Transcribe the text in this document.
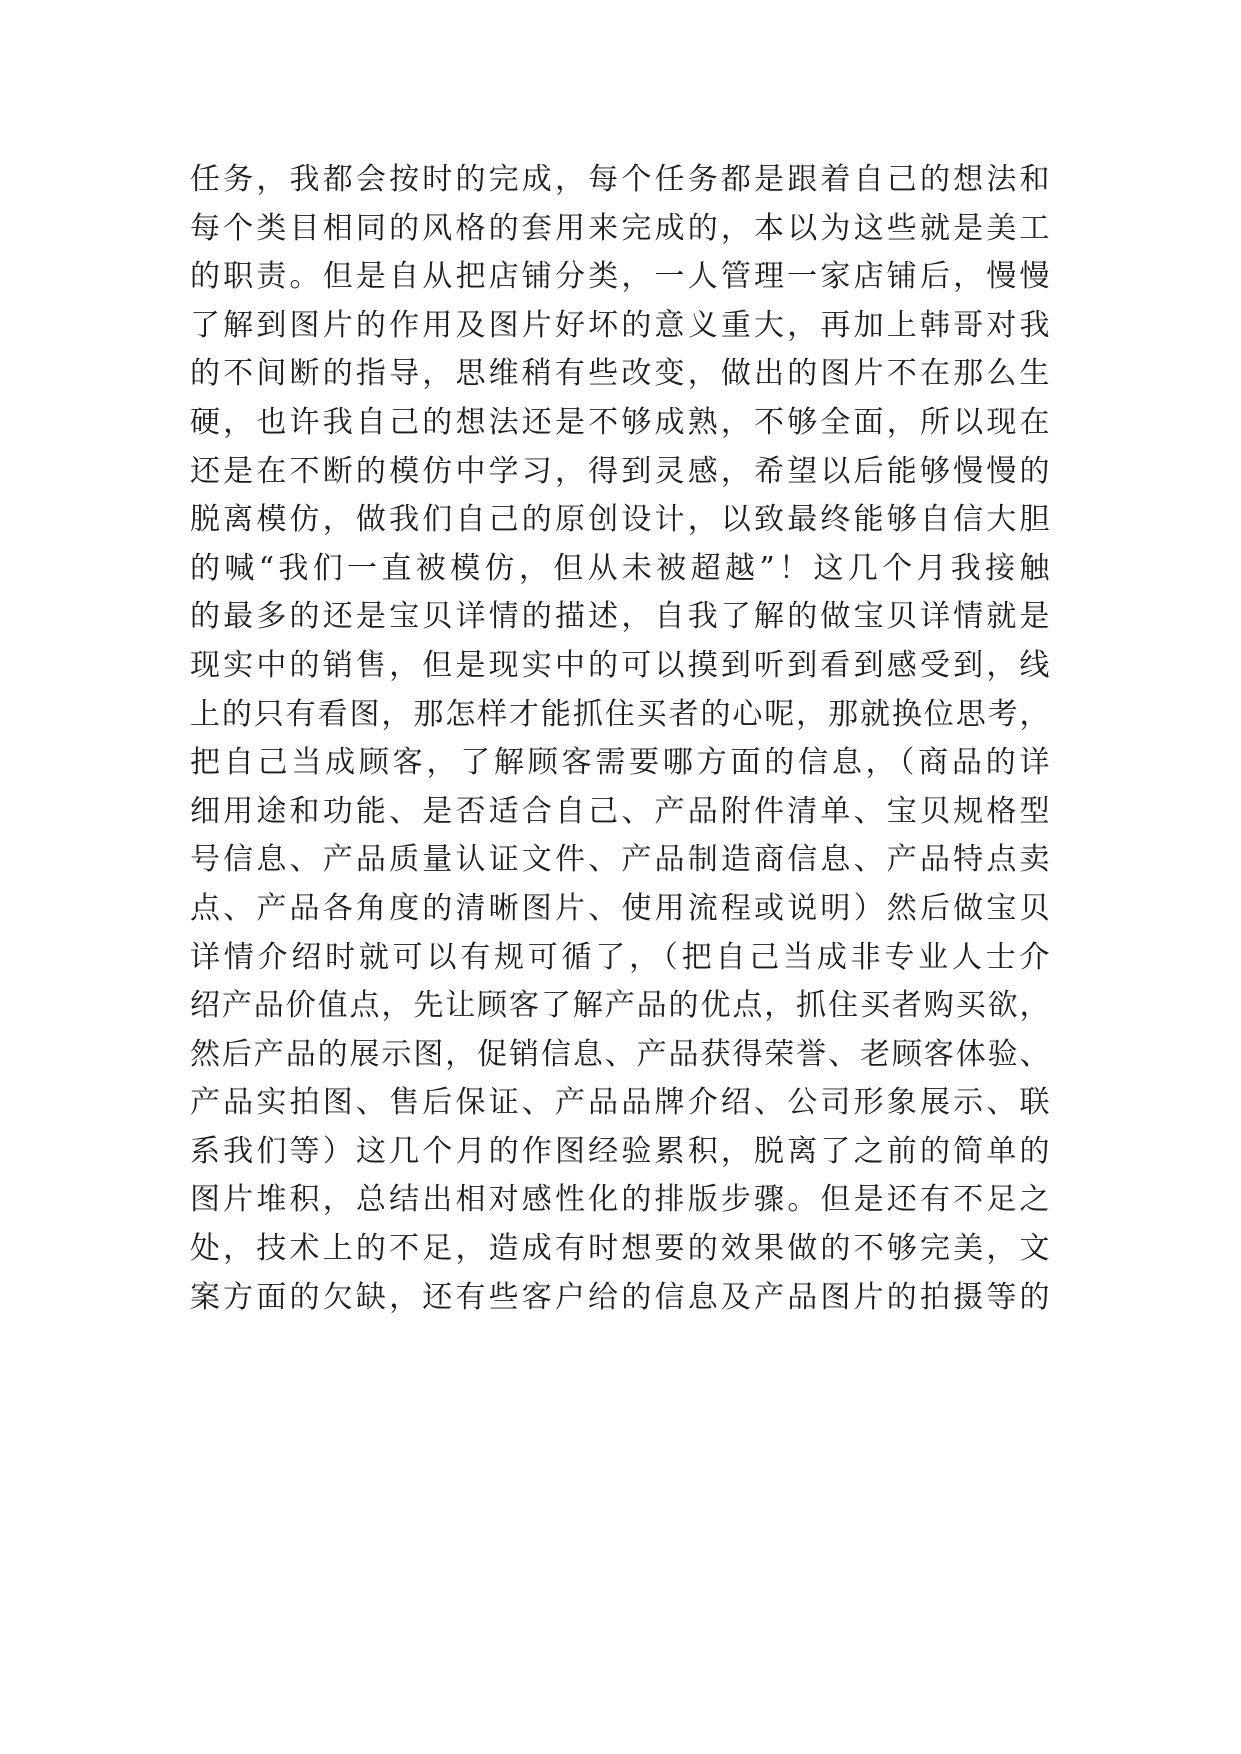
任务，我都会按时的完成，每个任务都是跟着自己的想法和
每个类目相同的风格的套用来完成的，本以为这些就是美工
的职责。但是自从把店铺分类，一人管理一家店铺后，慢慢
了解到图片的作用及图片好坏的意义重大，再加上韩哥对我
的不间断的指导，思维稍有些改变，做出的图片不在那么生
硬，也许我自己的想法还是不够成熟，不够全面，所以现在
还是在不断的模仿中学习，得到灵感，希望以后能够慢慢的
脱离模仿，做我们自己的原创设计，以致最终能够自信大胆
的喊“我们一直被模仿，但从未被超越”！这几个月我接触
的最多的还是宝贝详情的描述，自我了解的做宝贝详情就是
现实中的销售，但是现实中的可以摸到听到看到感受到，线
上的只有看图，那怎样才能抓住买者的心呢，那就换位思考，
把自己当成顾客，了解顾客需要哪方面的信息，（商品的详
细用途和功能、是否适合自己、产品附件清单、宝贝规格型
号信息、产品质量认证文件、产品制造商信息、产品特点卖
点、产品各角度的清晰图片、使用流程或说明）然后做宝贝
详情介绍时就可以有规可循了，（把自己当成非专业人士介
绍产品价值点，先让顾客了解产品的优点，抓住买者购买欲，
然后产品的展示图，促销信息、产品获得荣誉、老顾客体验、
产品实拍图、售后保证、产品品牌介绍、公司形象展示、联
系我们等）这几个月的作图经验累积，脱离了之前的简单的
图片堆积，总结出相对感性化的排版步骤。但是还有不足之
处，技术上的不足，造成有时想要的效果做的不够完美，文
案方面的欠缺，还有些客户给的信息及产品图片的拍摄等的
